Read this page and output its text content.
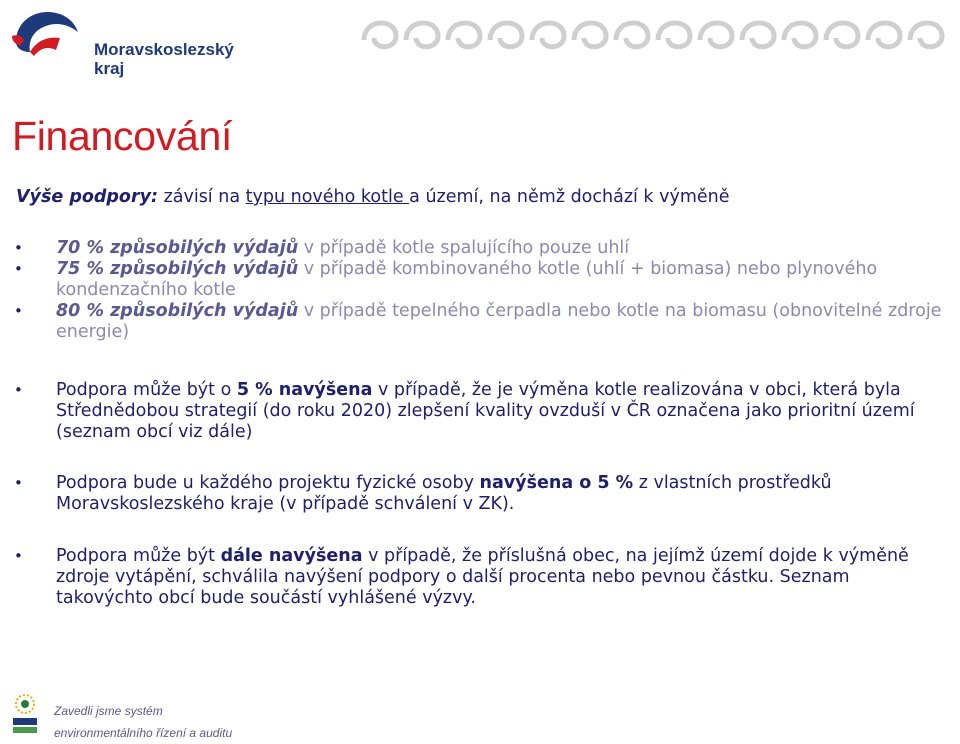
Moravskoslezský
kraj
Financování
Výše podpory: závisí na typu nového kotle a území, na němž dochází k výměně
• 70 % způsobilých výdajů v případě kotle spalujícího pouze uhlí
• 75 % způsobilých výdajů v případě kombinovaného kotle (uhlí + biomasa) nebo plynového kondenzačního kotle
• 80 % způsobilých výdajů v případě tepelného čerpadla nebo kotle na biomasu (obnovitelné zdroje energie)
• Podpora může být o 5 % navýšena v případě, že je výměna kotle realizována v obci, která byla Střednědobou strategií (do roku 2020) zlepšení kvality ovzduší v ČR označena jako prioritní území (seznam obcí viz dále)
• Podpora bude u každého projektu fyzické osoby navýšena o 5 % z vlastních prostředků Moravskoslezského kraje (v případě schválení v ZK).
• Podpora může být dále navýšena v případě, že příslušná obec, na jejímž území dojde k výměně zdroje vytápění, schválila navýšení podpory o další procenta nebo pevnou částku. Seznam takovýchto obcí bude součástí vyhlášené výzvy.
Zavedli jsme systém
environmentálního řízení a auditu
